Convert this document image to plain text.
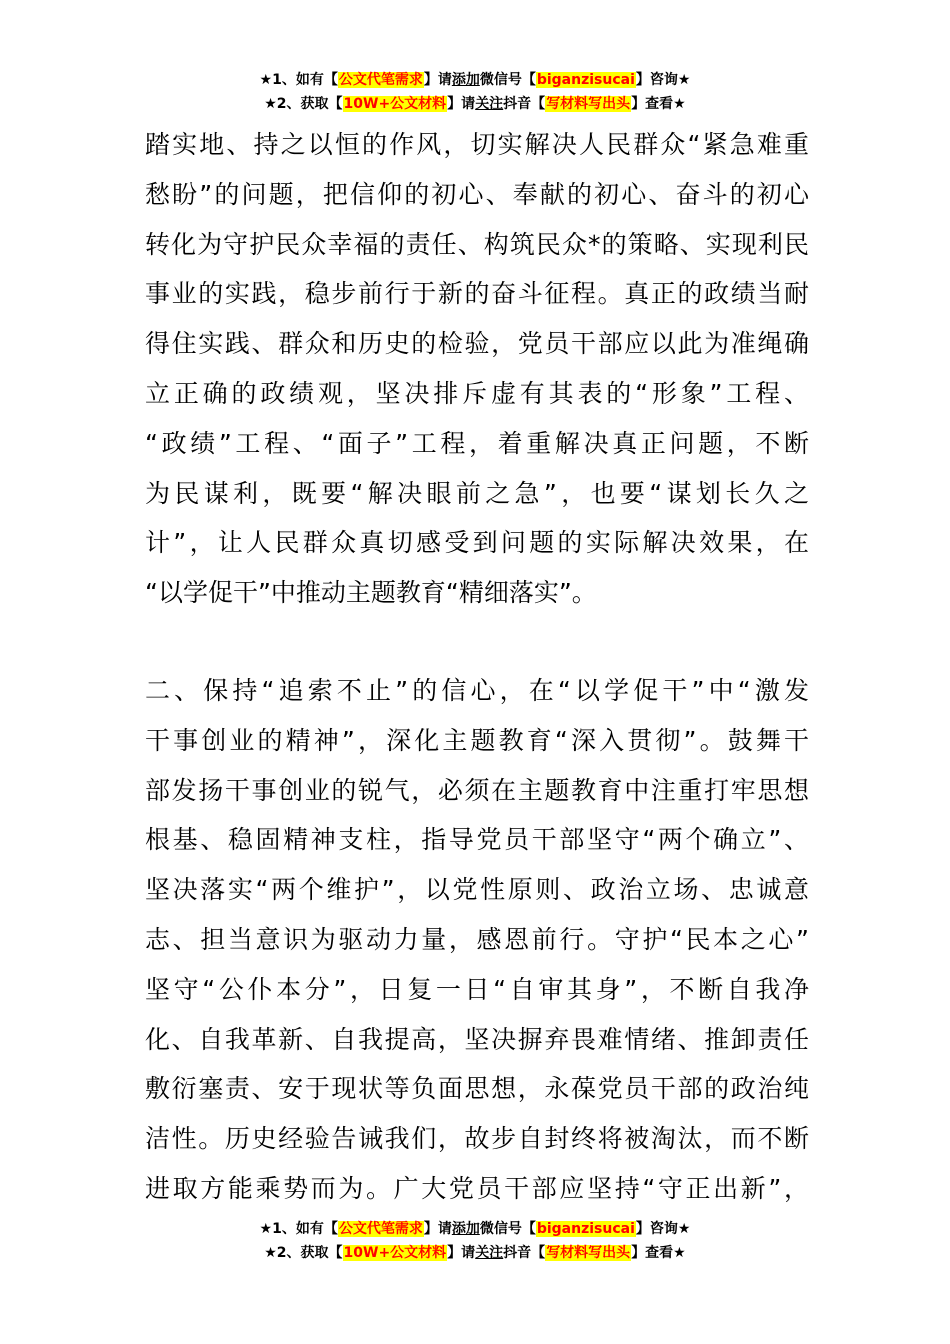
★1、如有【公文代笔需求】请添加微信号【biganzisucai】咨询★
★2、获取【10W+公文材料】请关注抖音【写材料写出头】查看★
踏实地、持之以恒的作风，切实解决人民群众“紧急难重
愁盼”的问题，把信仰的初心、奉献的初心、奋斗的初心
转化为守护民众幸福的责任、构筑民众*的策略、实现利民
事业的实践，稳步前行于新的奋斗征程。真正的政绩当耐
得住实践、群众和历史的检验，党员干部应以此为准绳确
立正确的政绩观，坚决排斥虚有其表的“形象”工程、
“政绩”工程、“面子”工程，着重解决真正问题，不断
为民谋利，既要“解决眼前之急”，也要“谋划长久之
计”，让人民群众真切感受到问题的实际解决效果，在
“以学促干”中推动主题教育“精细落实”。
二、保持“追索不止”的信心，在“以学促干”中“激发
干事创业的精神”，深化主题教育“深入贯彻”。鼓舞干
部发扬干事创业的锐气，必须在主题教育中注重打牢思想
根基、稳固精神支柱，指导党员干部坚守“两个确立”、
坚决落实“两个维护”，以党性原则、政治立场、忠诚意
志、担当意识为驱动力量，感恩前行。守护“民本之心”
坚守“公仆本分”，日复一日“自审其身”，不断自我净
化、自我革新、自我提高，坚决摒弃畏难情绪、推卸责任
敷衍塞责、安于现状等负面思想，永葆党员干部的政治纯
洁性。历史经验告诫我们，故步自封终将被淘汰，而不断
进取方能乘势而为。广大党员干部应坚持“守正出新”，
★1、如有【公文代笔需求】请添加微信号【biganzisucai】咨询★
★2、获取【10W+公文材料】请关注抖音【写材料写出头】查看★
